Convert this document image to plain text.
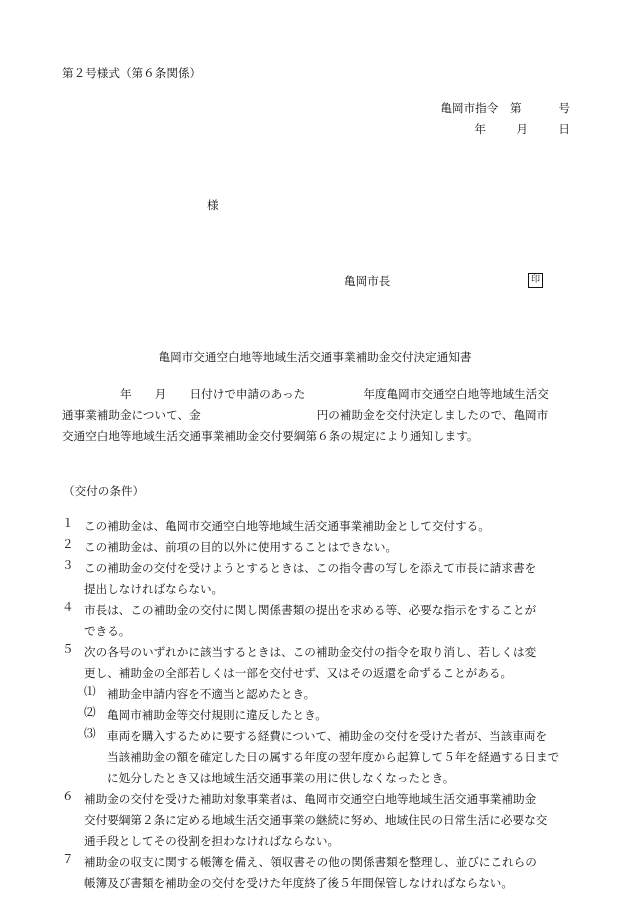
第２号様式（第６条関係）
亀岡市指令　第	号
年	月	日
様
亀岡市長	印
亀岡市交通空白地等地域生活交通事業補助金交付決定通知書
　　　　　年　　月　　日付けで申請のあった　　　　　年度亀岡市交通空白地等地域生活交
通事業補助金について、金　　　　　　　　　　円の補助金を交付決定しましたので、亀岡市
交通空白地等地域生活交通事業補助金交付要綱第６条の規定により通知します。
（交付の条件）
１ この補助金は、亀岡市交通空白地等地域生活交通事業補助金として交付する。
２ この補助金は、前項の目的以外に使用することはできない。
３ この補助金の交付を受けようとするときは、この指令書の写しを添えて市長に請求書を
提出しなければならない。
４ 市長は、この補助金の交付に関し関係書類の提出を求める等、必要な指示をすることが
できる。
５ 次の各号のいずれかに該当するときは、この補助金交付の指令を取り消し、若しくは変
更し、補助金の全部若しくは一部を交付せず、又はその返還を命ずることがある。
⑴ 補助金申請内容を不適当と認めたとき。
⑵ 亀岡市補助金等交付規則に違反したとき。
⑶ 車両を購入するために要する経費について、補助金の交付を受けた者が、当該車両を
当該補助金の額を確定した日の属する年度の翌年度から起算して５年を経過する日まで
に処分したとき又は地域生活交通事業の用に供しなくなったとき。
６ 補助金の交付を受けた補助対象事業者は、亀岡市交通空白地等地域生活交通事業補助金
交付要綱第２条に定める地域生活交通事業の継続に努め、地域住民の日常生活に必要な交
通手段としてその役割を担わなければならない。
７ 補助金の収支に関する帳簿を備え、領収書その他の関係書類を整理し、並びにこれらの
帳簿及び書類を補助金の交付を受けた年度終了後５年間保管しなければならない。
